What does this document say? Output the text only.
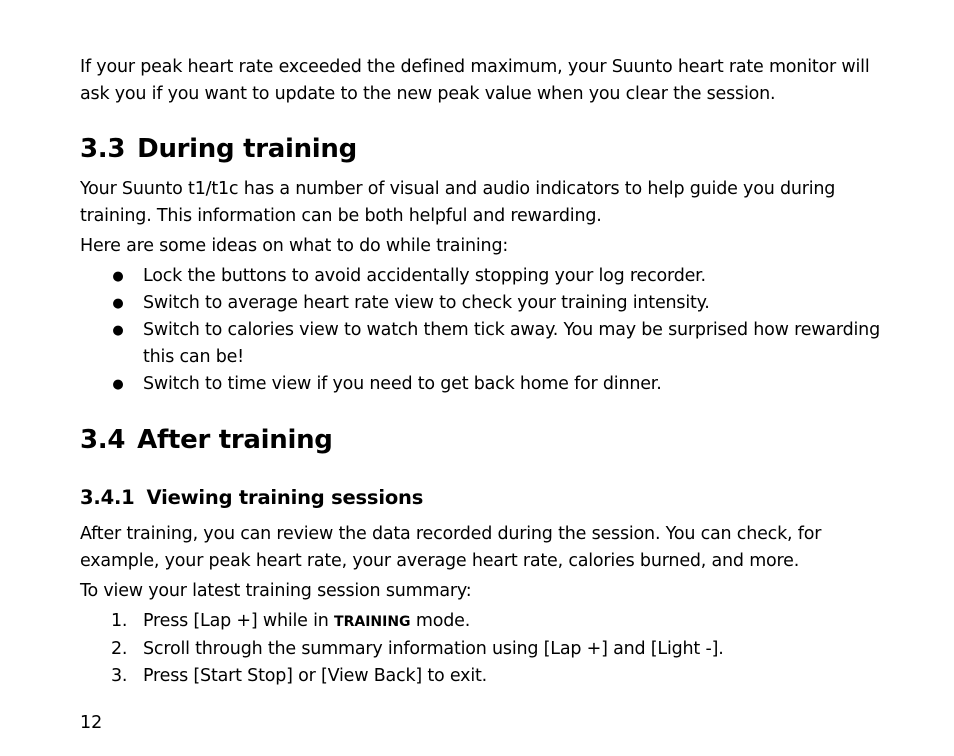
If your peak heart rate exceeded the defined maximum, your Suunto heart rate monitor will ask you if you want to update to the new peak value when you clear the session.

3.3 During training

Your Suunto t1/t1c has a number of visual and audio indicators to help guide you during training. This information can be both helpful and rewarding.

Here are some ideas on what to do while training:

● Lock the buttons to avoid accidentally stopping your log recorder.
● Switch to average heart rate view to check your training intensity.
● Switch to calories view to watch them tick away. You may be surprised how rewarding this can be!
● Switch to time view if you need to get back home for dinner.
3.4 After training
3.4.1 Viewing training sessions

After training, you can review the data recorded during the session. You can check, for example, your peak heart rate, your average heart rate, calories burned, and more.

To view your latest training session summary:

1. Press [Lap +] while in TRAINING mode.
2. Scroll through the summary information using [Lap +] and [Light -].
3. Press [Start Stop] or [View Back] to exit.
12
